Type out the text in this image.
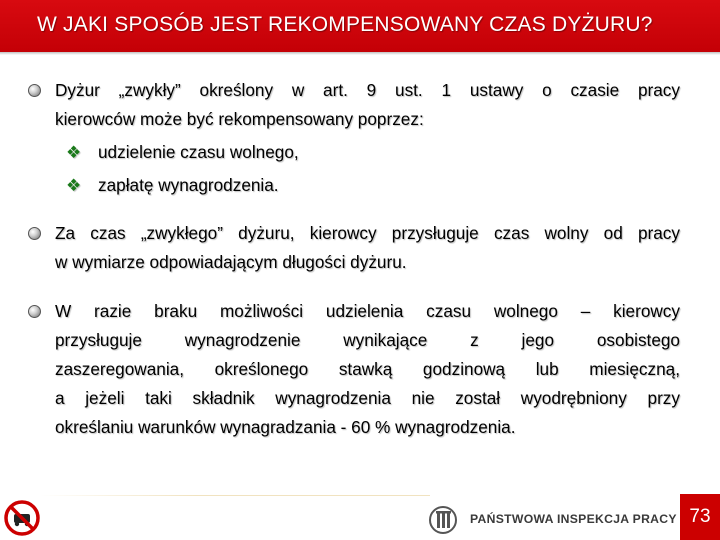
W JAKI SPOSÓB JEST REKOMPENSOWANY CZAS DYŻURU?
Dyżur „zwykły” określony w art. 9 ust. 1 ustawy o czasie pracy
kierowców może być rekompensowany poprzez:
❖ udzielenie czasu wolnego,
❖ zapłatę wynagrodzenia.
Za czas „zwykłego” dyżuru, kierowcy przysługuje czas wolny od pracy
w wymiarze odpowiadającym długości dyżuru.
W razie braku możliwości udzielenia czasu wolnego – kierowcy
przysługuje wynagrodzenie wynikające z jego osobistego
zaszeregowania, określonego stawką godzinową lub miesięczną,
a jeżeli taki składnik wynagrodzenia nie został wyodrębniony przy
określaniu warunków wynagradzania - 60 % wynagrodzenia.
PAŃSTWOWA INSPEKCJA PRACY 73
